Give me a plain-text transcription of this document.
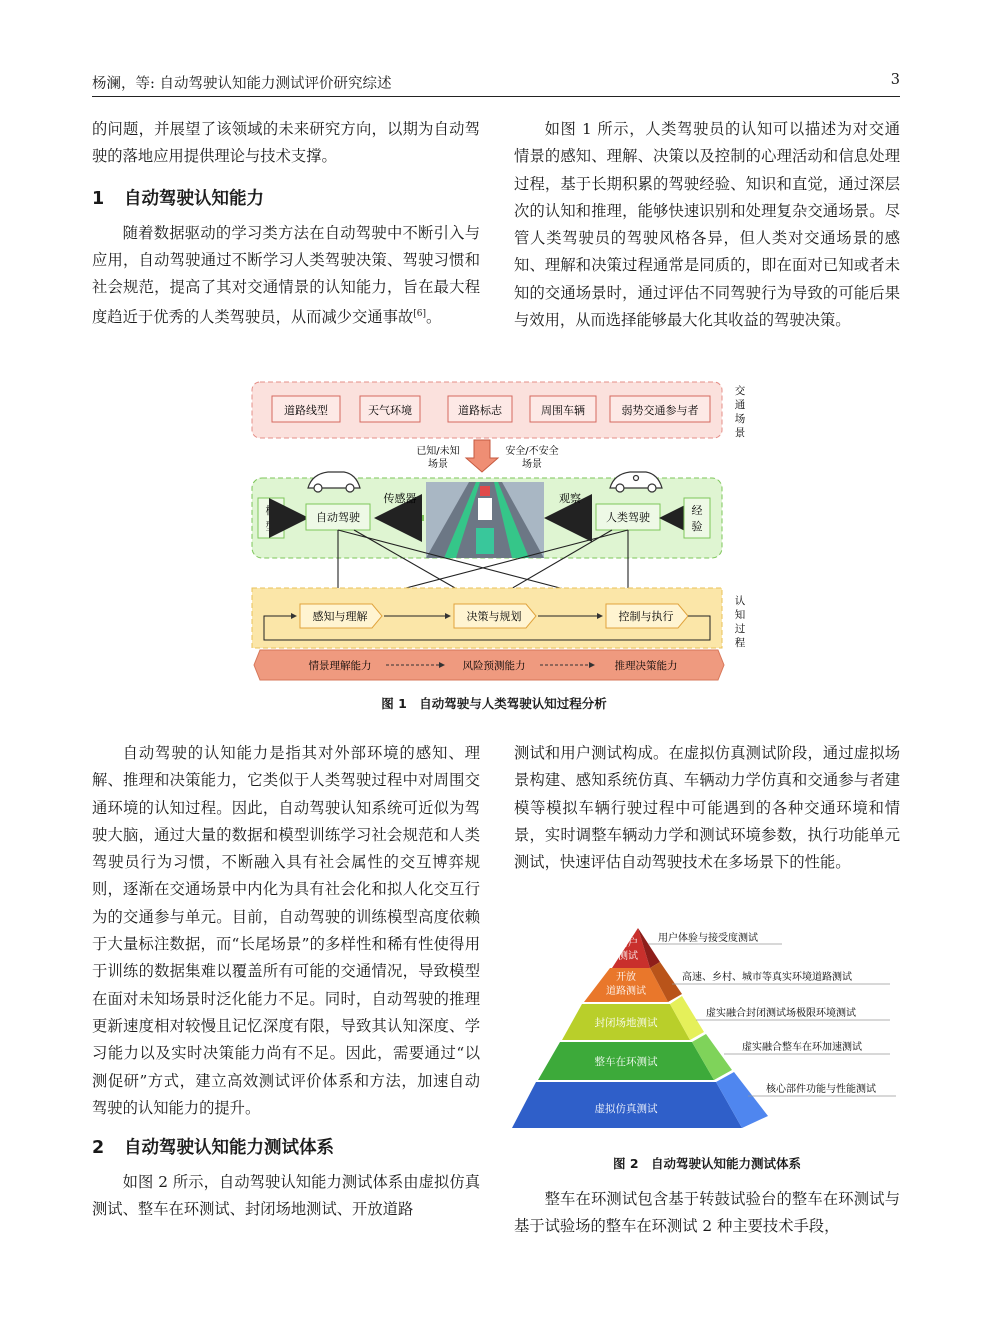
杨澜，等: 自动驾驶认知能力测试评价研究综述	3

的问题，并展望了该领域的未来研究方向，以期为自动驾驶的落地应用提供理论与技术支撑。

1 自动驾驶认知能力

随着数据驱动的学习类方法在自动驾驶中不断引入与应用，自动驾驶通过不断学习人类驾驶决策、驾驶习惯和社会规范，提高了其对交通情景的认知能力，旨在最大程度趋近于优秀的人类驾驶员，从而减少交通事故[6]。

如图 1 所示，人类驾驶员的认知可以描述为对交通情景的感知、理解、决策以及控制的心理活动和信息处理过程，基于长期积累的驾驶经验、知识和直觉，通过深层次的认知和推理，能够快速识别和处理复杂交通场景。尽管人类驾驶员的驾驶风格各异，但人类对交通场景的感知、理解和决策过程通常是同质的，即在面对已知或者未知的交通场景时，通过评估不同驾驶行为导致的可能后果与效用，从而选择能够最大化其收益的驾驶决策。

道路线型	天气环境	道路标志	周围车辆	弱势交通参与者
交
通
场
景
已知/未知
场景
安全/不安全
场景
模
型
自动驾驶
传感器	观察
人类驾驶
经
验
感知与理解	决策与规划	控制与执行
认
知
过
程
情景理解能力	风险预测能力	推理决策能力
图 1　自动驾驶与人类驾驶认知过程分析

自动驾驶的认知能力是指其对外部环境的感知、理解、推理和决策能力，它类似于人类驾驶过程中对周围交通环境的认知过程。因此，自动驾驶认知系统可近似为驾驶大脑，通过大量的数据和模型训练学习社会规范和人类驾驶员行为习惯，不断融入具有社会属性的交互博弈规则，逐渐在交通场景中内化为具有社会化和拟人化交互行为的交通参与单元。目前，自动驾驶的训练模型高度依赖于大量标注数据，而“长尾场景”的多样性和稀有性使得用于训练的数据集难以覆盖所有可能的交通情况，导致模型在面对未知场景时泛化能力不足。同时，自动驾驶的推理更新速度相对较慢且记忆深度有限，导致其认知深度、学习能力以及实时决策能力尚有不足。因此，需要通过“以测促研”方式，建立高效测试评价体系和方法，加速自动驾驶的认知能力的提升。

2 自动驾驶认知能力测试体系

如图 2 所示，自动驾驶认知能力测试体系由虚拟仿真测试、整车在环测试、封闭场地测试、开放道路

测试和用户测试构成。在虚拟仿真测试阶段，通过虚拟场景构建、感知系统仿真、车辆动力学仿真和交通参与者建模等模拟车辆行驶过程中可能遇到的各种交通环境和情景，实时调整车辆动力学和测试环境参数，执行功能单元测试，快速评估自动驾驶技术在多场景下的性能。

用户
测试
用户体验与接受度测试
开放
道路测试
高速、乡村、城市等真实环境道路测试
封闭场地测试
虚实融合封闭测试场极限环境测试
整车在环测试
虚实融合整车在环加速测试
虚拟仿真测试
核心部件功能与性能测试
图 2　自动驾驶认知能力测试体系

整车在环测试包含基于转鼓试验台的整车在环测试与基于试验场的整车在环测试 2 种主要技术手段，
